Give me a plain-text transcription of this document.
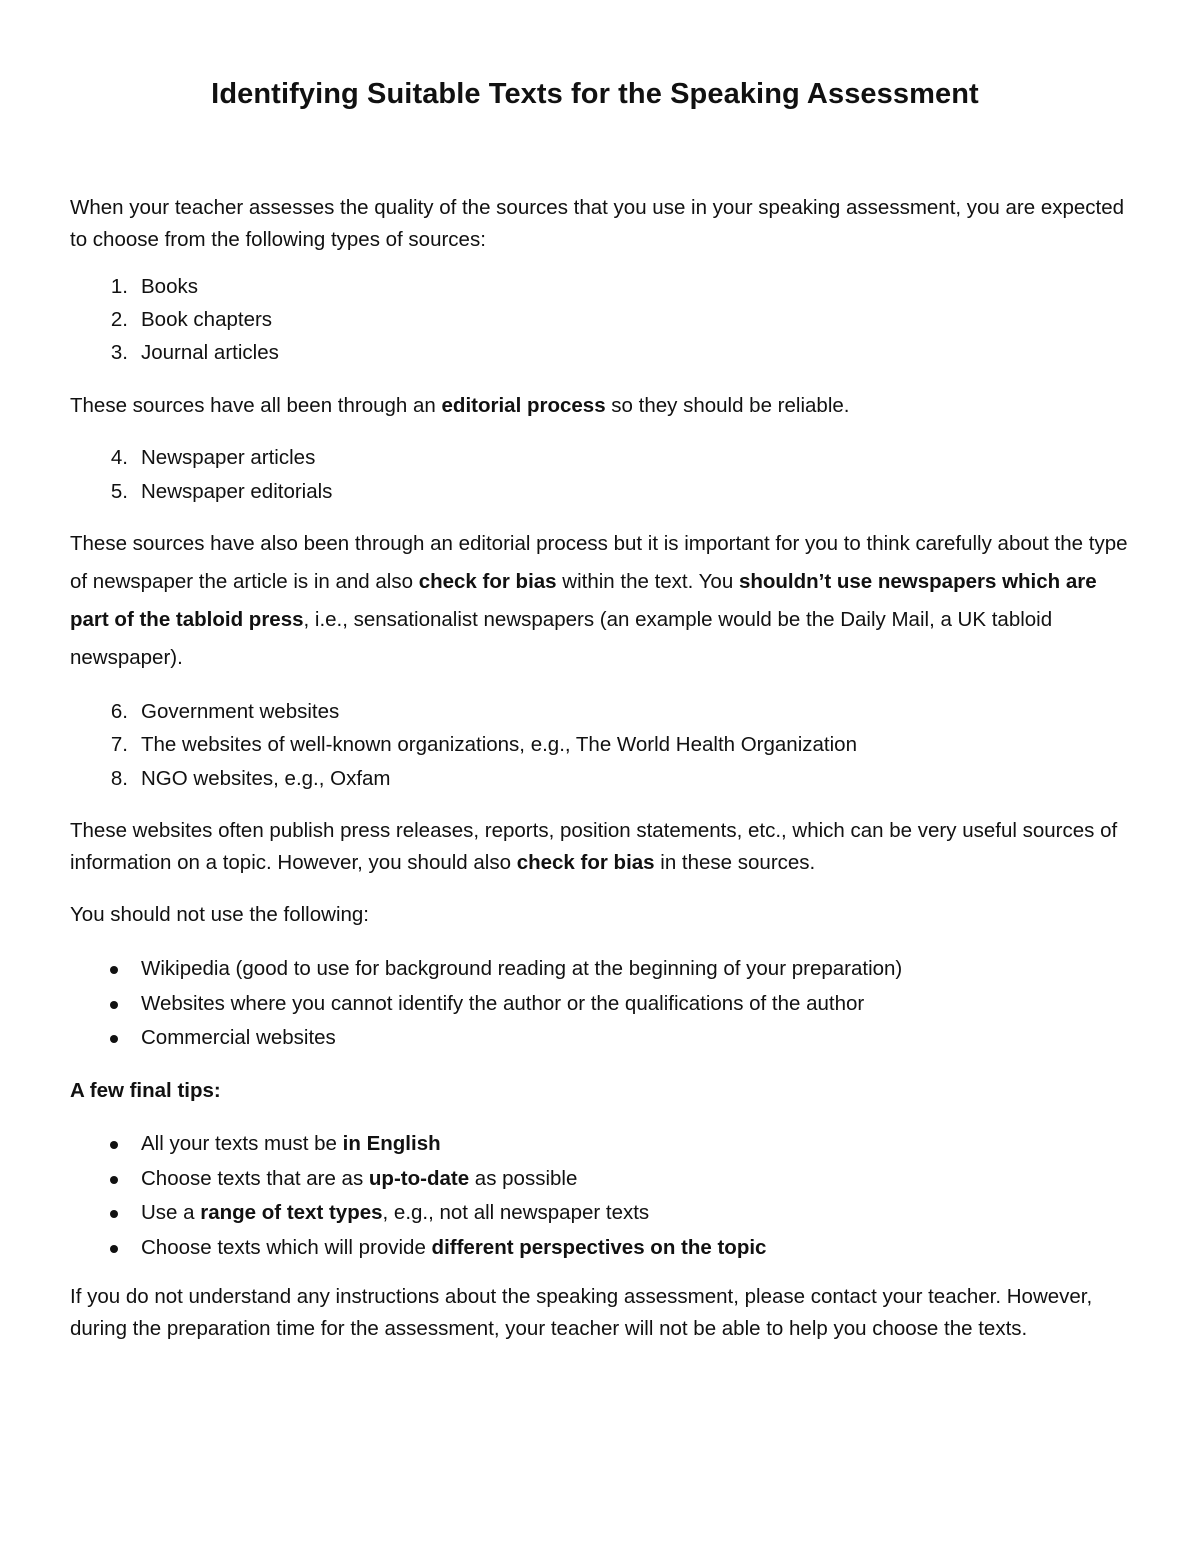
Identifying Suitable Texts for the Speaking Assessment

When your teacher assesses the quality of the sources that you use in your speaking assessment, you are expected to choose from the following types of sources:

1. Books
2. Book chapters
3. Journal articles

These sources have all been through an editorial process so they should be reliable.

4. Newspaper articles
5. Newspaper editorials

These sources have also been through an editorial process but it is important for you to think carefully about the type of newspaper the article is in and also check for bias within the text. You shouldn’t use newspapers which are part of the tabloid press, i.e., sensationalist newspapers (an example would be the Daily Mail, a UK tabloid newspaper).

6. Government websites
7. The websites of well-known organizations, e.g., The World Health Organization
8. NGO websites, e.g., Oxfam

These websites often publish press releases, reports, position statements, etc., which can be very useful sources of information on a topic. However, you should also check for bias in these sources.

You should not use the following:

Wikipedia (good to use for background reading at the beginning of your preparation)
Websites where you cannot identify the author or the qualifications of the author
Commercial websites

A few final tips:

All your texts must be in English
Choose texts that are as up-to-date as possible
Use a range of text types, e.g., not all newspaper texts
Choose texts which will provide different perspectives on the topic

If you do not understand any instructions about the speaking assessment, please contact your teacher. However, during the preparation time for the assessment, your teacher will not be able to help you choose the texts.
